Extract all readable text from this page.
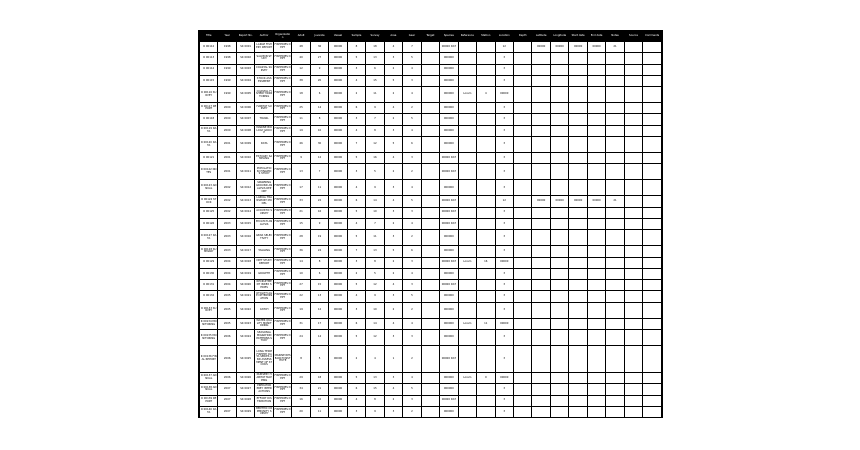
Title	Year	Report No.	Author	Organization	Adult	Juvenile	Vessel	Sample	Survey	Area	Gear	Target	Species	Reference	Station	Location	Depth	Latitude	Longitude	Start date	End date	Notes	Source	Comments
R 00112	1998	SK 0001	LARGE FISHERY REPORT	FISHERIES DEPT	48	36	00000	8	18	4	7		00000 DAT			12		00000	00000	00000	00000	21		
R 00113	1998	SK 0002	SALMON STUDY	FISHERIES DEPT	40	27	00000	5	13	3	5		000000			3								
R 00114	1999	SK 0003	COASTAL SURVEY	FISHERIES DEPT	12	9	00000	3	6	2	4		000000			3								
R 00115	1999	SK 0004	STOCK ASSESSMENT	FISHERIES DEPT	38	20	00000	4	15	5	3		000000			3								
R 00116 SURVEY	1999	SK 0005	COASTAL FISHERY MONITORING	FISHERIES DEPT	18	6	00000	2	11	2	4		000000	Lorem	4	00000								
R 00117 REPORT	2000	SK 0006	HABITAT SURVEY	FISHERIES DEPT	25	14	00000	6	9	4	2		000000			3								
R 00118	2000	SK 0007	TRAWL	FISHERIES DEPT	11	8	00000	3	7	2	5		000000			3								
R 00119 DATA	2000	SK 0008	MARINE BIOLOGY GROUP	FISHERIES DEPT	19	10	00000	4	8	3	4		000000			3								
R 00120 DATA	2001	SK 0009	DATA	FISHERIES DEPT	46	30	00000	7	12	5	6		000000			3								
R 00121	2001	SK 0010	ESTUARY SAMPLING	FISHERIES DEPT	9	12	00000	5	16	4	3		00000 DAT			3								
R 00122 NOTES	2001	SK 0011	POPULATION DYNAMICS STUDY	FISHERIES DEPT	13	7	00000	3	5	2	2		00000 DAT			3								
R 00123 ANNUAL	2002	SK 0012	SPAWNING GROUND ANALYSIS REPORT	FISHERIES DEPT	17	11	00000	4	9	3	4		000000			3								
R 00124 STOCK	2002	SK 0013	LARVAL TRANSPORT MODEL	FISHERIES DEPT	33	22	00000	6	14	4	5		00000 DAT			12		00000	00000	00000	00000	21		
R 00125	2002	SK 0014	ACOUSTIC SURVEY	FISHERIES DEPT	21	16	00000	5	10	3	3		00000 DAT			3								
R 00126	2003	SK 0015	BYCATCH ANALYSIS	FISHERIES DEPT	15	9	00000	4	7	2	4		00000 DAT			3								
R 00127 DATA	2003	SK 0016	GEAR SELECTIVITY	FISHERIES DEPT	28	19	00000	5	11	3	2		000000			3								
R 00128 SUMMARY	2003	SK 0017	TAGGING	FISHERIES DEPT	36	24	00000	7	13	5	6		000000			3								
R 00129	2004	SK 0018	DIET STUDY REPORT	FISHERIES DEPT	14	8	00000	3	8	2	3		00000 DAT	Lorem	16	00000								
R 00130	2004	SK 0019	GROWTH	FISHERIES DEPT	10	6	00000	2	5	2	4		000000			3								
R 00131	2004	SK 0020	RECRUITMENT INDEX SERIES	FISHERIES DEPT	27	15	00000	5	12	4	3		00000 DAT			3								
R 00132	2005	SK 0021	OTOLITH AGE DETERMINATION	FISHERIES DEPT	22	13	00000	4	9	3	5		000000			3								
R 00133 SURVEY	2005	SK 0022	CATCH	FISHERIES DEPT	19	12	00000	3	10	2	2		000000			3								
R 00134 MONITORING	2005	SK 0023	WATER QUALITY MONITORING	FISHERIES DEPT	31	17	00000	6	14	4	4		000000	Lorem	11	00000								
R 00135 MONITORING	2006	SK 0024	SEASONAL MIGRATION PATTERNS STUDY	FISHERIES DEPT	24	14	00000	5	12	3	3		000000			3								
R 00136 FINAL REPORT	2006	SK 0025	LONG TERM FISHERY DATA SERIES AND ASSESSMENT OF STOCKS	MARINE RESEARCH INSTITUTE	8	5	00000	2	4	1	2		00000 DAT			3								
R 00137 ANNUAL	2006	SK 0026	NURSERY HABITAT MAPPING	FISHERIES DEPT	29	18	00000	5	13	3	4		000000	Lorem	9	00000								
R 00138 ANNUAL	2007	SK 0027	PREDATOR PREY INTERACTIONS	FISHERIES DEPT	34	21	00000	6	15	4	5		000000			3								
R 00139 REPORT	2007	SK 0028	EFFORT DISTRIBUTION	FISHERIES DEPT	16	10	00000	4	8	2	3		00000 DAT			3								
R 00140 DATA	2007	SK 0029	BENTHIC COMMUNITY SURVEY	FISHERIES DEPT	20	11	00000	3	9	3	2		000000			3								
